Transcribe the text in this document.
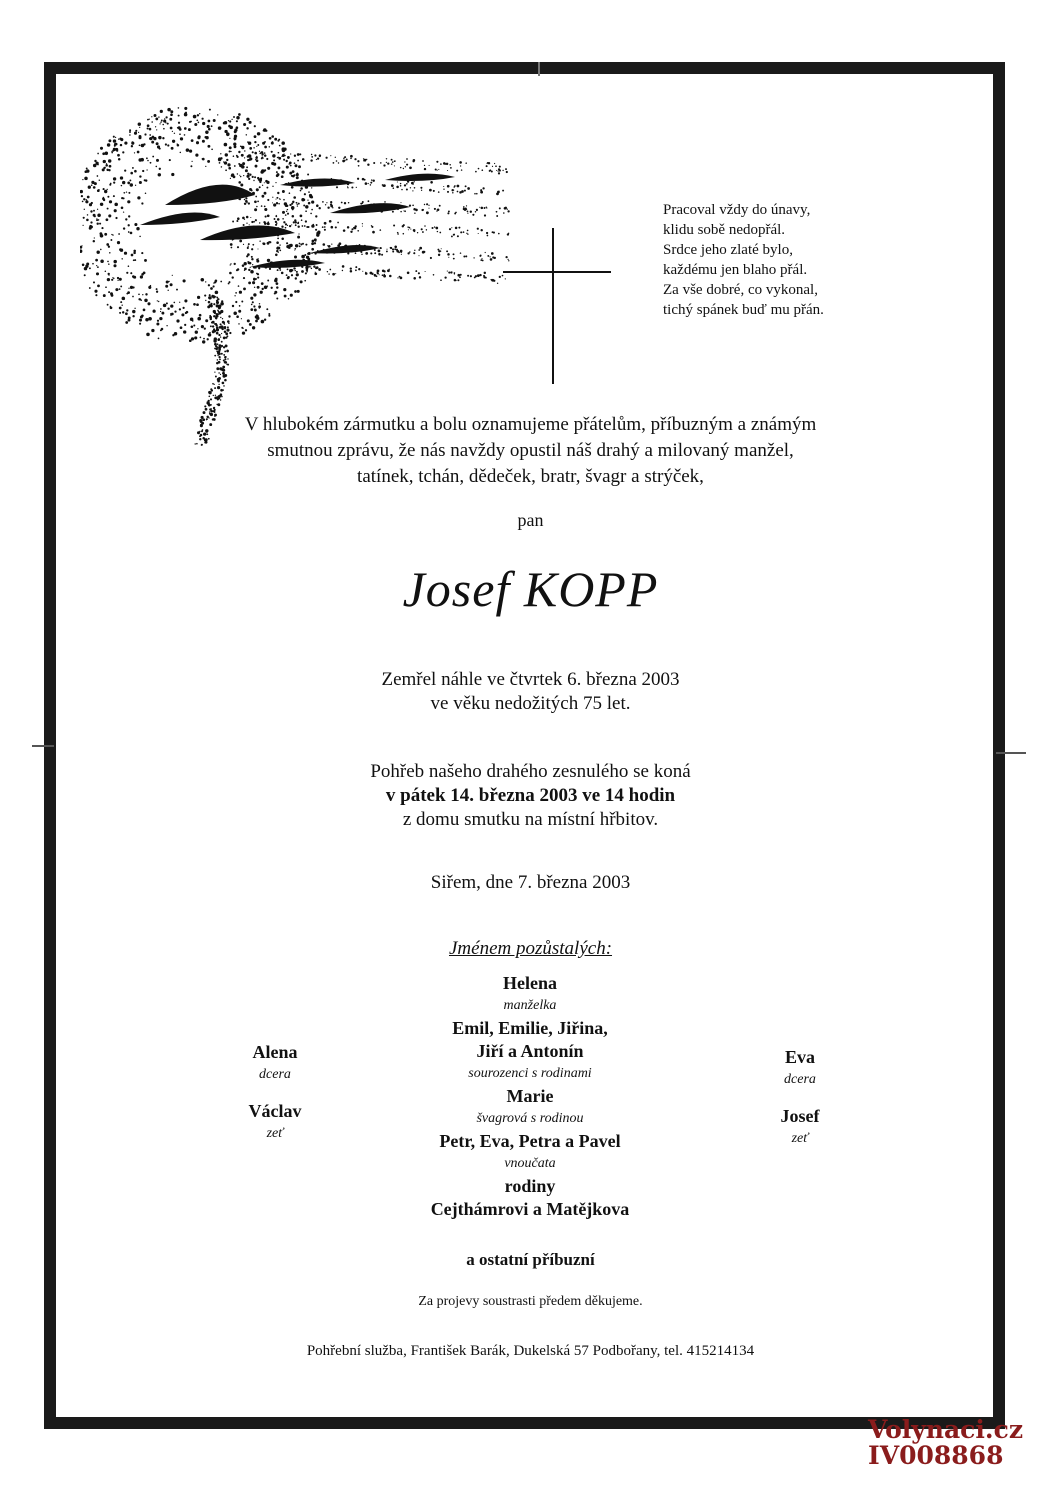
Pracoval vždy do únavy,
klidu sobě nedopřál.
Srdce jeho zlaté bylo,
každému jen blaho přál.
Za vše dobré, co vykonal,
tichý spánek buď mu přán.
V hlubokém zármutku a bolu oznamujeme přátelům, příbuzným a známým
smutnou zprávu, že nás navždy opustil náš drahý a milovaný manžel,
tatínek, tchán, dědeček, bratr, švagr a strýček,
pan
Josef KOPP
Zemřel náhle ve čtvrtek 6. března 2003
ve věku nedožitých 75 let.
Pohřeb našeho drahého zesnulého se koná
v pátek 14. března 2003 ve 14 hodin
z domu smutku na místní hřbitov.
Siřem, dne 7. března 2003
Jménem pozůstalých:
Helena
manželka
Emil, Emilie, Jiřina,
Jiří a Antonín
sourozenci s rodinami
Marie
švagrová s rodinou
Petr, Eva, Petra a Pavel
vnoučata
rodiny
Cejthámrovi a Matějkova
Alena
dcera
Václav
zeť
Eva
dcera
Josef
zeť
a ostatní příbuzní
Za projevy soustrasti předem děkujeme.
Pohřební služba, František Barák, Dukelská 57 Podbořany, tel. 415214134
Volynaci.cz
IV008868
